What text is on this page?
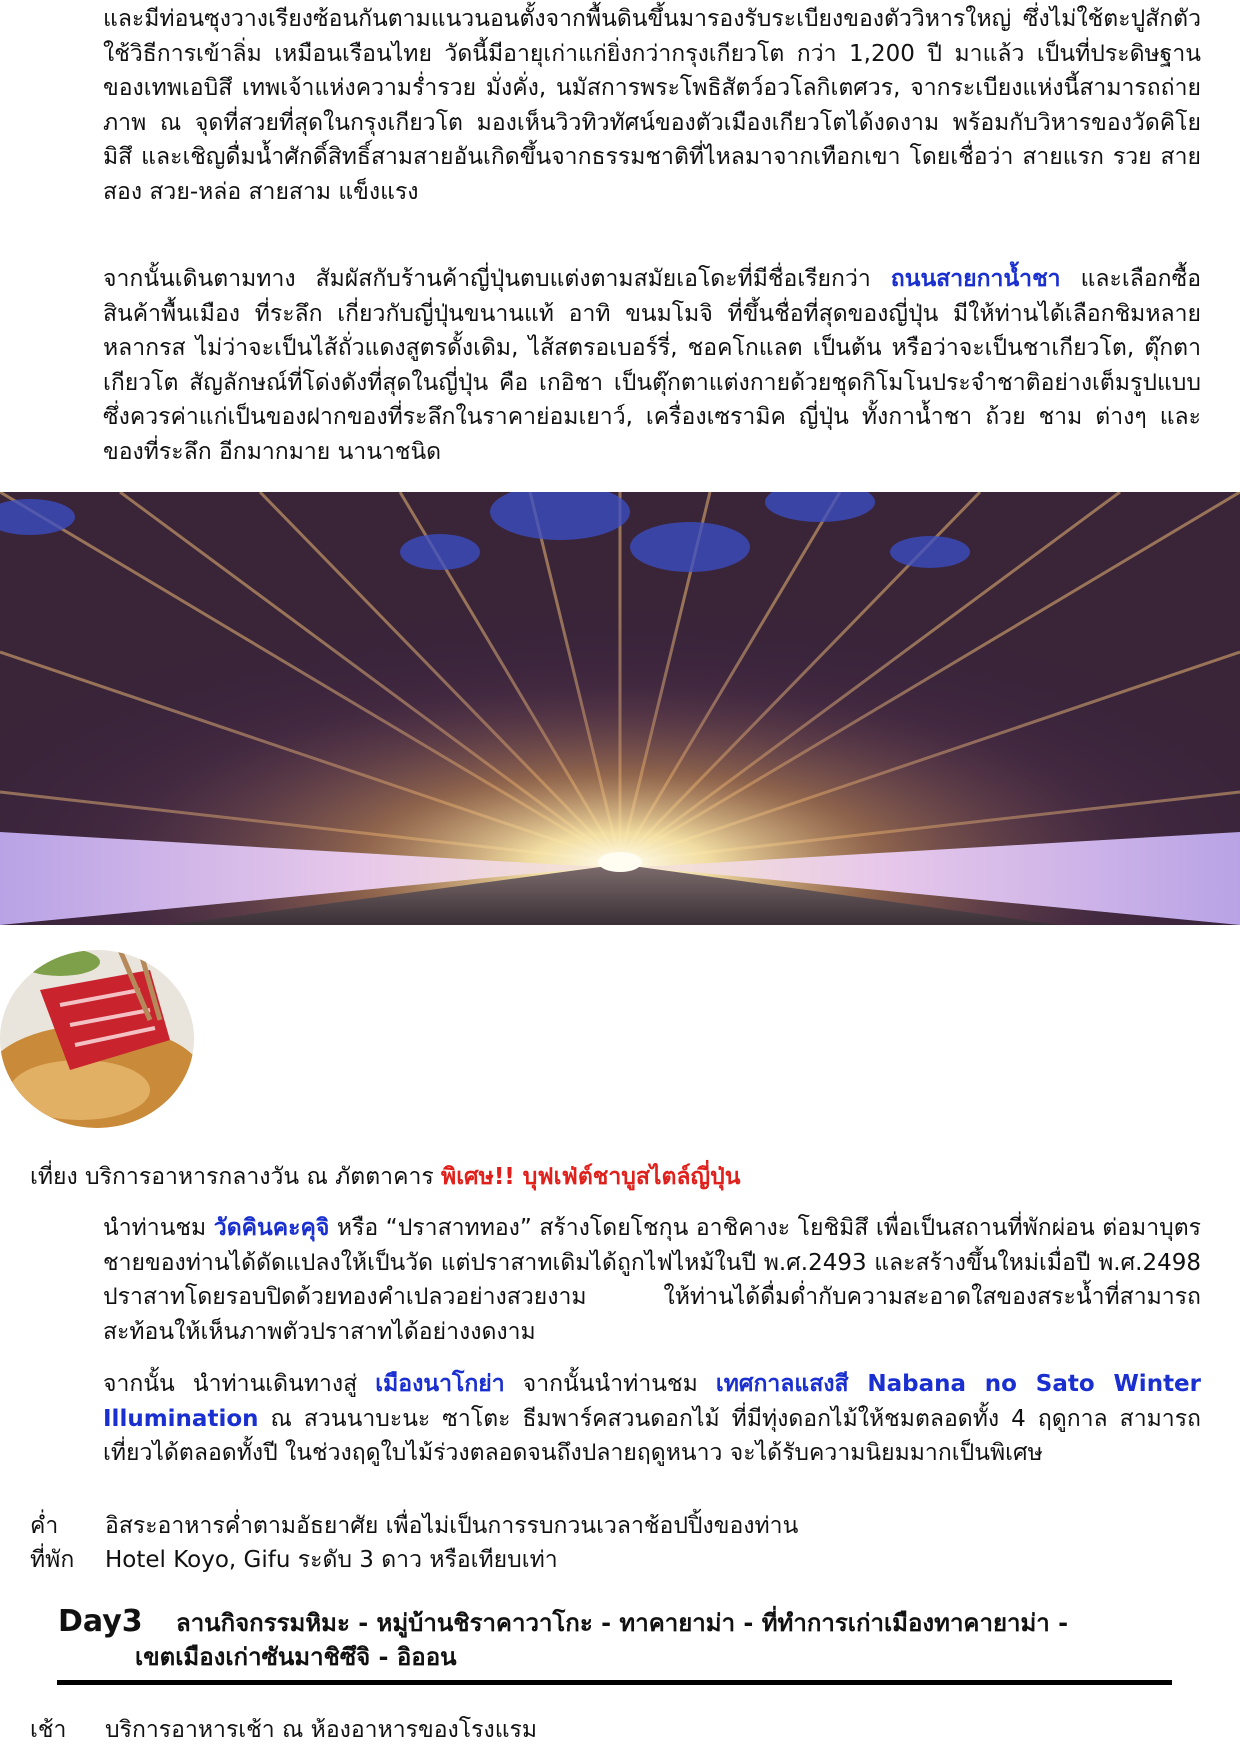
และมีท่อนซุงวางเรียงซ้อนกันตามแนวนอนตั้งจากพื้นดินขึ้นมารองรับระเบียงของตัววิหารใหญ่ ซึ่งไม่ใช้ตะปูสักตัว ใช้วิธีการเข้าลิ่ม เหมือนเรือนไทย วัดนี้มีอายุเก่าแก่ยิ่งกว่ากรุงเกียวโต กว่า 1,200 ปี มาแล้ว เป็นที่ประดิษฐานของเทพเอบิสึ เทพเจ้าแห่งความร่ำรวย มั่งคั่ง, นมัสการพระโพธิสัตว์อวโลกิเตศวร, จากระเบียงแห่งนี้สามารถถ่ายภาพ ณ จุดที่สวยที่สุดในกรุงเกียวโต มองเห็นวิวทิวทัศน์ของตัวเมืองเกียวโตได้งดงาม พร้อมกับวิหารของวัดคิโยมิสึ และเชิญดื่มน้ำศักดิ์สิทธิ์สามสายอันเกิดขึ้นจากธรรมชาติที่ไหลมาจากเทือกเขา โดยเชื่อว่า สายแรก รวย สายสอง สวย-หล่อ สายสาม แข็งแรง

จากนั้นเดินตามทาง สัมผัสกับร้านค้าญี่ปุ่นตบแต่งตามสมัยเอโดะที่มีชื่อเรียกว่า ถนนสายกาน้ำชา และเลือกซื้อสินค้าพื้นเมือง ที่ระลึก เกี่ยวกับญี่ปุ่นขนานแท้ อาทิ ขนมโมจิ ที่ขึ้นชื่อที่สุดของญี่ปุ่น มีให้ท่านได้เลือกชิมหลายหลากรส ไม่ว่าจะเป็นไส้ถั่วแดงสูตรดั้งเดิม, ไส้สตรอเบอร์รี่, ชอคโกแลต เป็นต้น หรือว่าจะเป็นชาเกียวโต, ตุ๊กตาเกียวโต สัญลักษณ์ที่โด่งดังที่สุดในญี่ปุ่น คือ เกอิชา เป็นตุ๊กตาแต่งกายด้วยชุดกิโมโนประจำชาติอย่างเต็มรูปแบบซึ่งควรค่าแก่เป็นของฝากของที่ระลึกในราคาย่อมเยาว์, เครื่องเซรามิค ญี่ปุ่น ทั้งกาน้ำชา ถ้วย ชาม ต่างๆ และของที่ระลึก อีกมากมาย นานาชนิด

เที่ยง บริการอาหารกลางวัน ณ ภัตตาคาร พิเศษ!! บุฟเฟ่ต์ชาบูสไตล์ญี่ปุ่น

นำท่านชม วัดคินคะคุจิ หรือ “ปราสาททอง” สร้างโดยโชกุน อาชิคางะ โยชิมิสึ เพื่อเป็นสถานที่พักผ่อน ต่อมาบุตรชายของท่านได้ดัดแปลงให้เป็นวัด แต่ปราสาทเดิมได้ถูกไฟไหม้ในปี พ.ศ.2493 และสร้างขึ้นใหม่เมื่อปี พ.ศ.2498 ปราสาทโดยรอบปิดด้วยทองคำเปลวอย่างสวยงาม ให้ท่านได้ดื่มด่ำกับความสะอาดใสของสระน้ำที่สามารถสะท้อนให้เห็นภาพตัวปราสาทได้อย่างงดงาม

จากนั้น นำท่านเดินทางสู่ เมืองนาโกย่า จากนั้นนำท่านชม เทศกาลแสงสี Nabana no Sato Winter Illumination ณ สวนนาบะนะ ซาโตะ ธีมพาร์คสวนดอกไม้ ที่มีทุ่งดอกไม้ให้ชมตลอดทั้ง 4 ฤดูกาล สามารถเที่ยวได้ตลอดทั้งปี ในช่วงฤดูใบไม้ร่วงตลอดจนถึงปลายฤดูหนาว จะได้รับความนิยมมากเป็นพิเศษ

ค่ำ อิสระอาหารค่ำตามอัธยาศัย เพื่อไม่เป็นการรบกวนเวลาช้อปปิ้งของท่าน
ที่พัก Hotel Koyo, Gifu ระดับ 3 ดาว หรือเทียบเท่า
Day3 ลานกิจกรรมหิมะ - หมู่บ้านชิราคาวาโกะ - ทาคายาม่า - ที่ทำการเก่าเมืองทาคายาม่า -
เขตเมืองเก่าซันมาชิซึจิ - อิออน
เช้า บริการอาหารเช้า ณ ห้องอาหารของโรงแรม
